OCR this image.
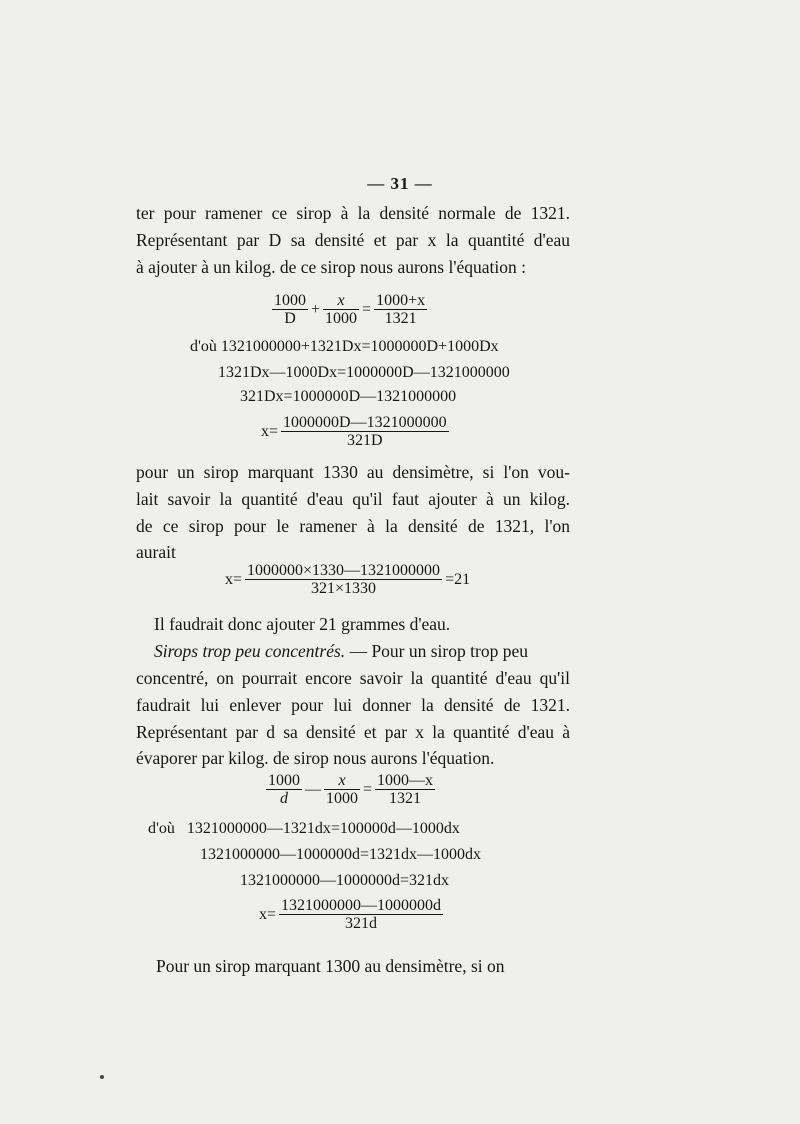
— 31 —
ter pour ramener ce sirop à la densité normale de 1321.
Représentant par D sa densité et par x la quantité d'eau
à ajouter à un kilog. de ce sirop nous aurons l'équation :
$\frac{1000}{D} + \frac{x}{1000} = \frac{1000+x}{1321}$
d'où 1321000000+1321Dx=1000000D+1000Dx
1321Dx—1000Dx=1000000D—1321000000
321Dx=1000000D—1321000000
$x= \frac{1000000D—1321000000}{321D}$
pour un sirop marquant 1330 au densimètre, si l'on vou-
lait savoir la quantité d'eau qu'il faut ajouter à un kilog.
de ce sirop pour le ramener à la densité de 1321, l'on
aurait
$x= \frac{1000000\times 1330—1321000000}{321\times 1330} =21$
Il faudrait donc ajouter 21 grammes d'eau.
Sirops trop peu concentrés. — Pour un sirop trop peu
concentré, on pourrait encore savoir la quantité d'eau qu'il
faudrait lui enlever pour lui donner la densité de 1321.
Représentant par d sa densité et par x la quantité d'eau à
évaporer par kilog. de sirop nous aurons l'équation.
$\frac{1000}{d}$ — $\frac{x}{1000} = \frac{1000—x}{1321}$
d'où   1321000000—1321dx=100000d—1000dx
1321000000—1000000d=1321dx—1000dx
1321000000—1000000d=321dx
$x= \frac{1321000000—1000000d}{321d}$
Pour un sirop marquant 1300 au densimètre, si on
